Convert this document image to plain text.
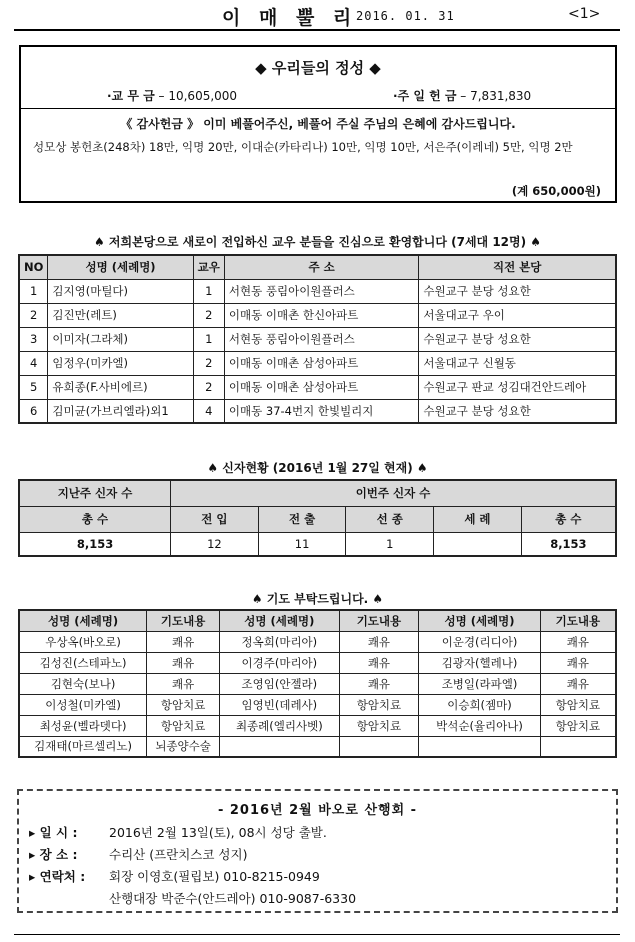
이 매 뿔 리
2016. 01. 31	<1>
◆ 우리들의 정성 ◆
·교 무 금 – 10,605,000	·주 일 헌 금 – 7,831,830
《 감사헌금 》 이미 베풀어주신, 베풀어 주실 주님의 은혜에 감사드립니다.
성모상 봉헌초(248차) 18만, 익명 20만, 이대순(카타리나) 10만, 익명 10만, 서은주(이레네) 5만, 익명 2만
(계 650,000원)
♠ 저희본당으로 새로이 전입하신 교우 분들을 진심으로 환영합니다 (7세대 12명) ♠
NO	성명 (세례명)	교우	주 소	직전 본당
1	김지영(마틸다)	1	서현동 풍림아이원플러스	수원교구 분당 성요한
2	김진만(레트)	2	이매동 이매촌 한신아파트	서울대교구 우이
3	이미자(그라체)	1	서현동 풍림아이원플러스	수원교구 분당 성요한
4	임정우(미카엘)	2	이매동 이매촌 삼성아파트	서울대교구 신월동
5	유희종(F.사비에르)	2	이매동 이매촌 삼성아파트	수원교구 판교 성김대건안드레아
6	김미균(가브리엘라)외1	4	이매동 37-4번지 한빛빌리지	수원교구 분당 성요한
♠ 신자현황 (2016년 1월 27일 현재) ♠
지난주 신자 수	이번주 신자 수				
총 수	전 입	전 출	선 종	세 례	총 수
8,153	12	11	1		8,153
♠ 기도 부탁드립니다. ♠
성명 (세례명)	기도내용	성명 (세례명)	기도내용	성명 (세례명)	기도내용
우상옥(바오로)	쾌유	정옥희(마리아)	쾌유	이운경(리디아)	쾌유
김성진(스테파노)	쾌유	이경주(마리아)	쾌유	김광자(헬레나)	쾌유
김현숙(보나)	쾌유	조영임(안젤라)	쾌유	조병일(라파엘)	쾌유
이성철(미카엘)	항암치료	임영빈(데레사)	항암치료	이승희(젬마)	항암치료
최성윤(벨라뎃다)	항암치료	최종례(엘리사벳)	항암치료	박석순(율리아나)	항암치료
김재태(마르셀리노)	뇌종양수술				
- 2016년 2월 바오로 산행회 -
▸ 일 시 :	2016년 2월 13일(토), 08시 성당 출발.
▸ 장 소 :	수리산 (프란치스코 성지)
▸ 연락처 : 회장 이영호(필립보) 010-8215-0949
산행대장 박준수(안드레아) 010-9087-6330
